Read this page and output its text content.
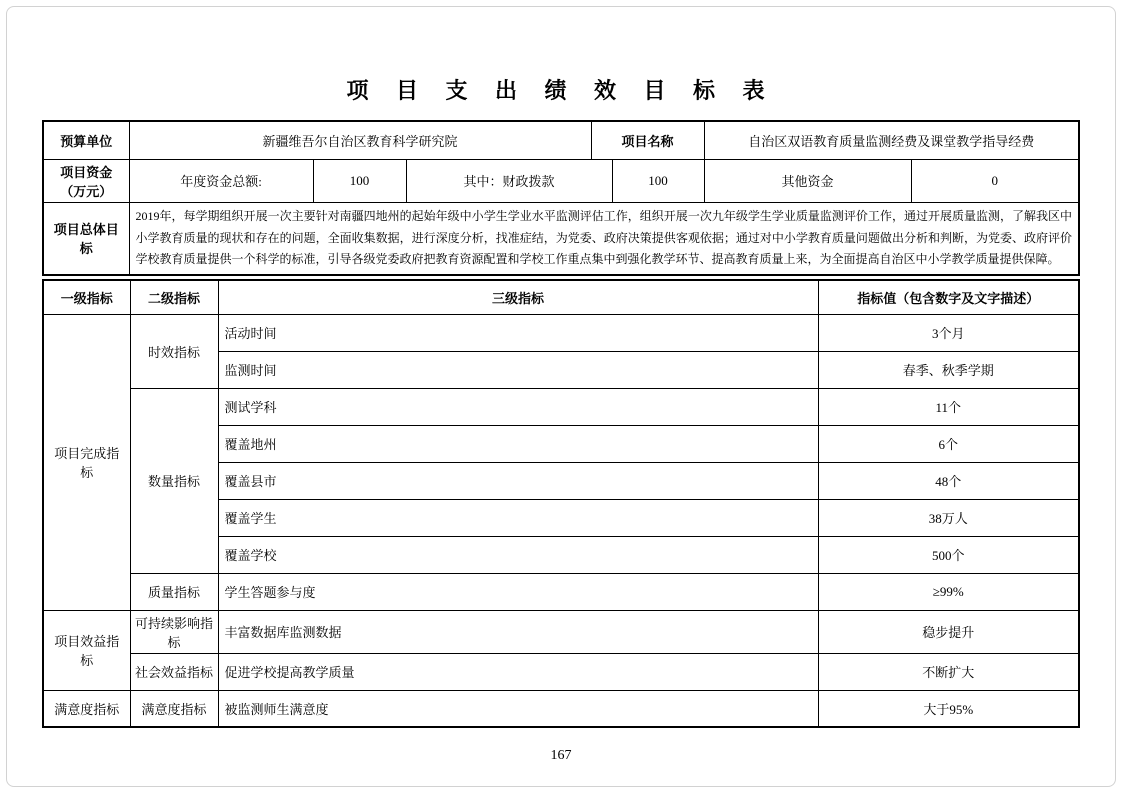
项 目 支 出 绩 效 目 标 表
预算单位	新疆维吾尔自治区教育科学研究院			项目名称		自治区双语教育质量监测经费及课堂教学指导经费	
项目资金（万元）	年度资金总额:	100	其中：财政拨款		100	其他资金	0
项目总体目标	2019年，每学期组织开展一次主要针对南疆四地州的起始年级中小学生学业水平监测评估工作，组织开展一次九年级学生学业质量监测评价工作，通过开展质量监测，了解我区中小学教育质量的现状和存在的问题，全面收集数据，进行深度分析，找准症结，为党委、政府决策提供客观依据；通过对中小学教育质量问题做出分析和判断，为党委、政府评价学校教育质量提供一个科学的标准，引导各级党委政府把教育资源配置和学校工作重点集中到强化教学环节、提高教育质量上来，为全面提高自治区中小学教学质量提供保障。						
一级指标	二级指标	三级指标	指标值（包含数字及文字描述）
项目完成指标	时效指标	活动时间	3个月
		监测时间	春季、秋季学期
	数量指标	测试学科	11个
		覆盖地州	6个
		覆盖县市	48个
		覆盖学生	38万人
		覆盖学校	500个
	质量指标	学生答题参与度	≥99%
项目效益指标	可持续影响指标	丰富数据库监测数据	稳步提升
	社会效益指标	促进学校提高教学质量	不断扩大
满意度指标	满意度指标	被监测师生满意度	大于95%
167
